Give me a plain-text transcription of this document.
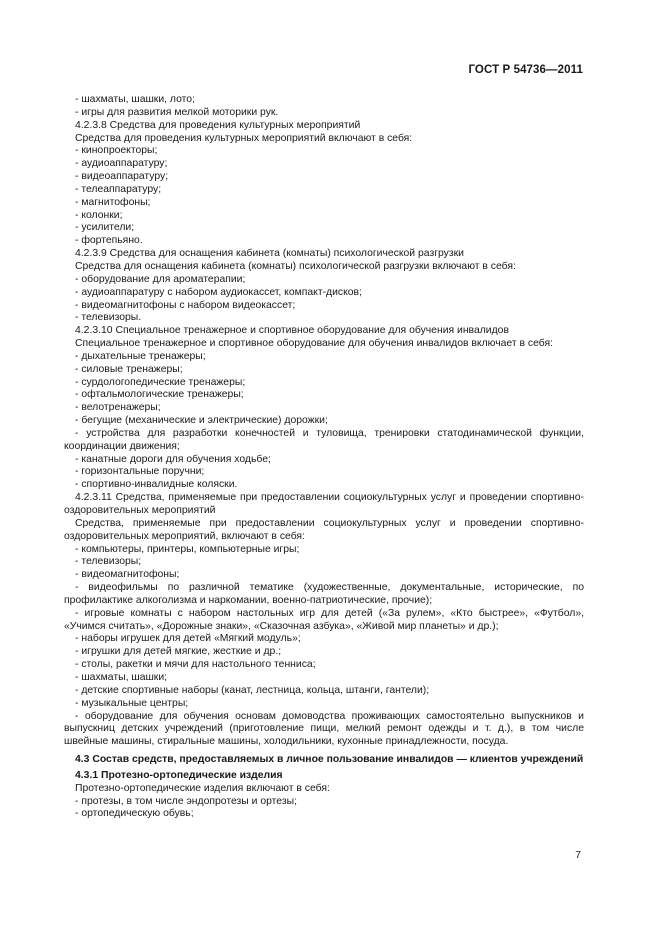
ГОСТ Р 54736—2011

- шахматы, шашки, лото;

- игры для развития мелкой моторики рук.

4.2.3.8 Средства для проведения культурных мероприятий

Средства для проведения культурных мероприятий включают в себя:

- кинопроекторы;

- аудиоаппаратуру;

- видеоаппаратуру;

- телеаппаратуру;

- магнитофоны;

- колонки;

- усилители;

- фортепьяно.

4.2.3.9 Средства для оснащения кабинета (комнаты) психологической разгрузки

Средства для оснащения кабинета (комнаты) психологической разгрузки включают в себя:

- оборудование для ароматерапии;

- аудиоаппаратуру с набором аудиокассет, компакт-дисков;

- видеомагнитофоны с набором видеокассет;

- телевизоры.

4.2.3.10 Специальное тренажерное и спортивное оборудование для обучения инвалидов

Специальное тренажерное и спортивное оборудование для обучения инвалидов включает в себя:

- дыхательные тренажеры;

- силовые тренажеры;

- сурдологопедические тренажеры;

- офтальмологические тренажеры;

- велотренажеры;

- бегущие (механические и электрические) дорожки;

- устройства для разработки конечностей и туловища, тренировки статодинамической функции, координации движения;

- канатные дороги для обучения ходьбе;

- горизонтальные поручни;

- спортивно-инвалидные коляски.

4.2.3.11 Средства, применяемые при предоставлении социокультурных услуг и проведении спортивно-оздоровительных мероприятий

Средства, применяемые при предоставлении социокультурных услуг и проведении спортивно-оздоровительных мероприятий, включают в себя:

- компьютеры, принтеры, компьютерные игры;

- телевизоры;

- видеомагнитофоны;

- видеофильмы по различной тематике (художественные, документальные, исторические, по профилактике алкоголизма и наркомании, военно-патриотические, прочие);

- игровые комнаты с набором настольных игр для детей («За рулем», «Кто быстрее», «Футбол», «Учимся считать», «Дорожные знаки», «Сказочная азбука», «Живой мир планеты» и др.);

- наборы игрушек для детей «Мягкий модуль»;

- игрушки для детей мягкие, жесткие и др.;

- столы, ракетки и мячи для настольного тенниса;

- шахматы, шашки;

- детские спортивные наборы (канат, лестница, кольца, штанги, гантели);

- музыкальные центры;

- оборудование для обучения основам домоводства проживающих самостоятельно выпускников и выпускниц детских учреждений (приготовление пищи, мелкий ремонт одежды и т. д.), в том числе швейные машины, стиральные машины, холодильники, кухонные принадлежности, посуда.

4.3 Состав средств, предоставляемых в личное пользование инвалидов — клиентов учреждений

4.3.1 Протезно-ортопедические изделия

Протезно-ортопедические изделия включают в себя:

- протезы, в том числе эндопротезы и ортезы;

- ортопедическую обувь;

7
